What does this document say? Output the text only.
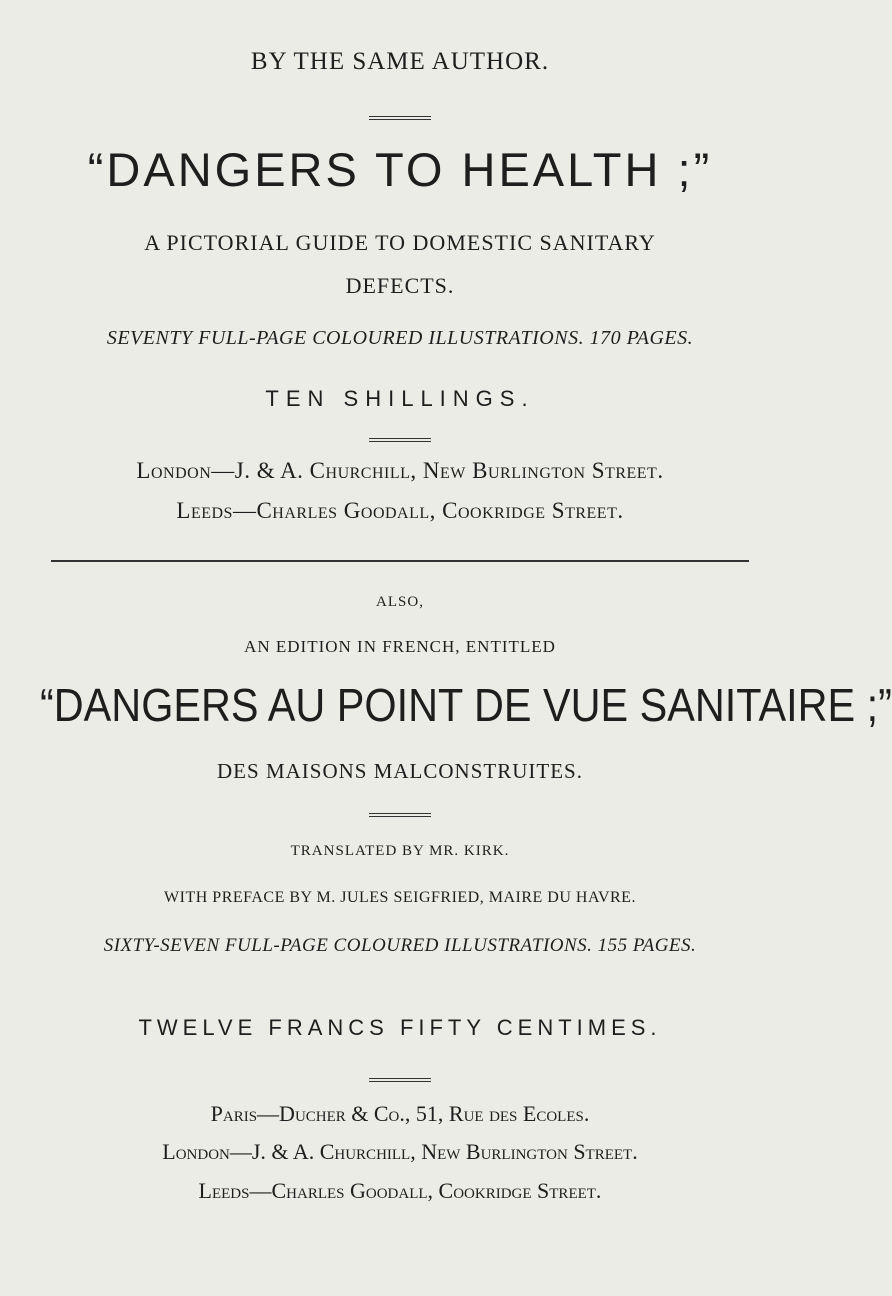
BY THE SAME AUTHOR.
“DANGERS TO HEALTH ;”
A PICTORIAL GUIDE TO DOMESTIC SANITARY
DEFECTS.
SEVENTY FULL-PAGE COLOURED ILLUSTRATIONS. 170 PAGES.
TEN SHILLINGS.
London—J. & A. Churchill, New Burlington Street.
Leeds—Charles Goodall, Cookridge Street.
ALSO,
AN EDITION IN FRENCH, ENTITLED
“DANGERS AU POINT DE VUE SANITAIRE ;”
DES MAISONS MALCONSTRUITES.
TRANSLATED BY MR. KIRK.
WITH PREFACE BY M. JULES SEIGFRIED, MAIRE DU HAVRE.
SIXTY-SEVEN FULL-PAGE COLOURED ILLUSTRATIONS. 155 PAGES.
TWELVE FRANCS FIFTY CENTIMES.
Paris—Ducher & Co., 51, Rue des Ecoles.
London—J. & A. Churchill, New Burlington Street.
Leeds—Charles Goodall, Cookridge Street.
